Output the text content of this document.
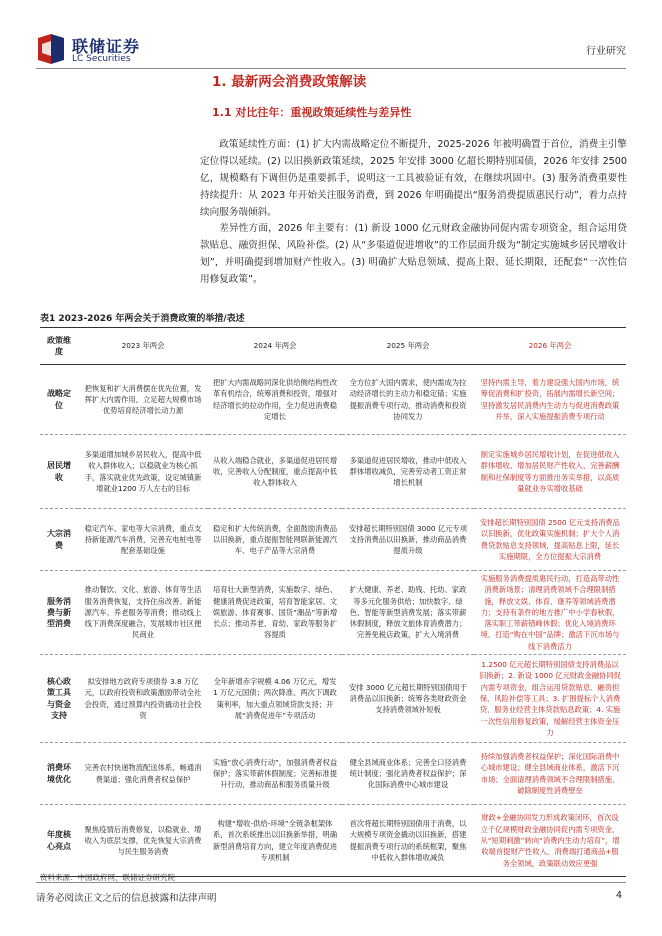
联储证券
LC Securities
行业研究
1. 最新两会消费政策解读
1.1 对比往年：重视政策延续性与差异性
政策延续性方面：(1) 扩大内需战略定位不断提升，2025-2026 年被明确置于首位，消费主引擎定位得以延续。(2) 以旧换新政策延续，2025 年安排 3000 亿超长期特别国债，2026 年安排 2500 亿，规模略有下调但仍是重要抓手，说明这一工具被验证有效，在继续巩固中。(3) 服务消费重要性持续提升：从 2023 年开始关注服务消费，到 2026 年明确提出“服务消费提质惠民行动”，着力点持续向服务端倾斜。
差异性方面，2026 年主要有：(1) 新设 1000 亿元财政金融协同促内需专项资金，组合运用贷款贴息、融资担保、风险补偿。(2) 从“多渠道促进增收”的工作层面升级为“制定实施城乡居民增收计划”，并明确提到增加财产性收入。(3) 明确扩大贴息领域、提高上限、延长期限，还配套“一次性信用修复政策”。
表1 2023-2026 年两会关于消费政策的举措/表述
政策维度	2023 年两会	2024 年两会	2025 年两会	2026 年两会
战略定位	把恢复和扩大消费摆在优先位置，发挥扩大内需作用，立足超大规模市场优势培育经济增长动力源	把扩大内需战略同深化供给侧结构性改革有机结合，统筹消费和投资，增强对经济增长的拉动作用，全力促进消费稳定增长	全方位扩大国内需求，使内需成为拉动经济增长的主动力和稳定锚；实施提振消费专项行动，推动消费和投资协同发力	坚持内需主导，着力建设强大国内市场，统筹促消费和扩投资，拓展内需增长新空间；坚持激发居民消费内生动力与促进消费政策并举，深入实施提振消费专项行动
居民增收	多渠道增加城乡居民收入，提高中低收入群体收入；以稳就业为核心抓手，落实就业优先政策，设定城镇新增就业1200 万人左右的目标	从收入端稳合就业，多渠道促进居民增收，完善收入分配制度，重点提高中低收入群体收入	多渠道促进居民增收，推动中低收入群体增收减负，完善劳动者工资正常增长机制	制定实施城乡居民增收计划，在促进低收入群体增收、增加居民财产性收入、完善薪酬制和社保制度等方面推出务实举措，以高质量就业夯实增收基础
大宗消费	稳定汽车、家电等大宗消费，重点支持新能源汽车消费，完善充电桩电等配套基础设施	稳定和扩大传统消费，全面鼓励消费品以旧换新，重点提振智能网联新能源汽车、电子产品等大宗消费	安排超长期特别国债 3000 亿元专项支持消费品以旧换新，推动商品消费提质升级	安排超长期特别国债 2500 亿元支持消费品以旧换新，优化政策实施机制；扩大个人消费贷款贴息支持领域，提高贴息上限，延长实施期限，全方位提振大宗消费
服务消费与新型消费	推动餐饮、文化、旅游、体育等生活服务消费恢复，支持住房改善、新能源汽车、养老服务等消费；推动线上线下消费深度融合，发展城市社区便民商业	培育壮大新型消费，实施数字、绿色、健康消费促进政策，培育智能家居、文娱旅游、体育赛事、国货“潮品”等新增长点；推动养老、育幼、家政等服务扩容提质	扩大健康、养老、助残、托幼、家政等多元化服务供给；加快数字、绿色、智能等新型消费发展；落实带薪休假制度，释放文旅体育消费潜力；完善免税店政策，扩大入境消费	实施服务消费提质惠民行动，打造高带动性消费新场景；清理消费领域不合理限制措施，释放文娱、体育、康养等领域消费潜力；支持有条件的地方推广中小学春秋假，落实职工带薪错峰休假；优化入境消费环境，打造“购在中国”品牌；激活下沉市场与线下消费活力
核心政策工具与资金支持	拟安排地方政府专项债券 3.8 万亿元，以政府投资和政策激励带动全社会投资，通过预算内投资撬动社会投资	全年新增赤字规模 4.06 万亿元，增发 1 万亿元国债；两次降准、两次下调政策利率，加大重点领域贷款支持；开展“消费促进年”专项活动	安排 3000 亿元超长期特别国债用于消费品以旧换新；统筹各类财政资金支持消费领域补短板	1.2500 亿元超长期特别国债支持消费品以旧换新；2. 新设 1000 亿元财政金融协同促内需专项资金，组合运用贷款贴息、融资担保、风险补偿等工具；3. 扩围提标个人消费贷、服务业经营主体贷款贴息政策；4. 实施一次性信用修复政策，缓解经营主体资金压力
消费环境优化	完善农村快递物流配送体系，畅通消费渠道；强化消费者权益保护	实施“放心消费行动”，加强消费者权益保护；落实带薪休假制度；完善标准提升行动，推动商品和服务质量升级	健全县域商业体系；完善全口径消费统计制度；强化消费者权益保护；深化国际消费中心城市建设	持续加强消费者权益保护；深化国际消费中心城市建设；健全县域商业体系，激活下沉市场；全面清理消费领域不合理限制措施，破除制度性消费壁垒
年度核心亮点	聚焦疫情后消费修复，以稳就业、增收入为底层支撑，优先恢复大宗消费与民生服务消费	构建“增收-供给-环境”全链条框架体系，首次系统推出以旧换新举措，明确新型消费培育方向，建立年度消费促进专项机制	首次将超长期特别国债用于消费，以大规模专项资金撬动以旧换新，搭建提振消费专项行动的系统框架，聚焦中低收入群体增收减负	财政+金融协同发力形成政策闭环，首次设立千亿规模财政金融协同促内需专项资金，从“短期刺激”转向“消费内生动力培育”，增收端首提财产性收入，消费端打通商品+服务全领域，政策联动效应更强
资料来源：中国政府网，联储证券研究院
请务必阅读正文之后的信息披露和法律声明	4
